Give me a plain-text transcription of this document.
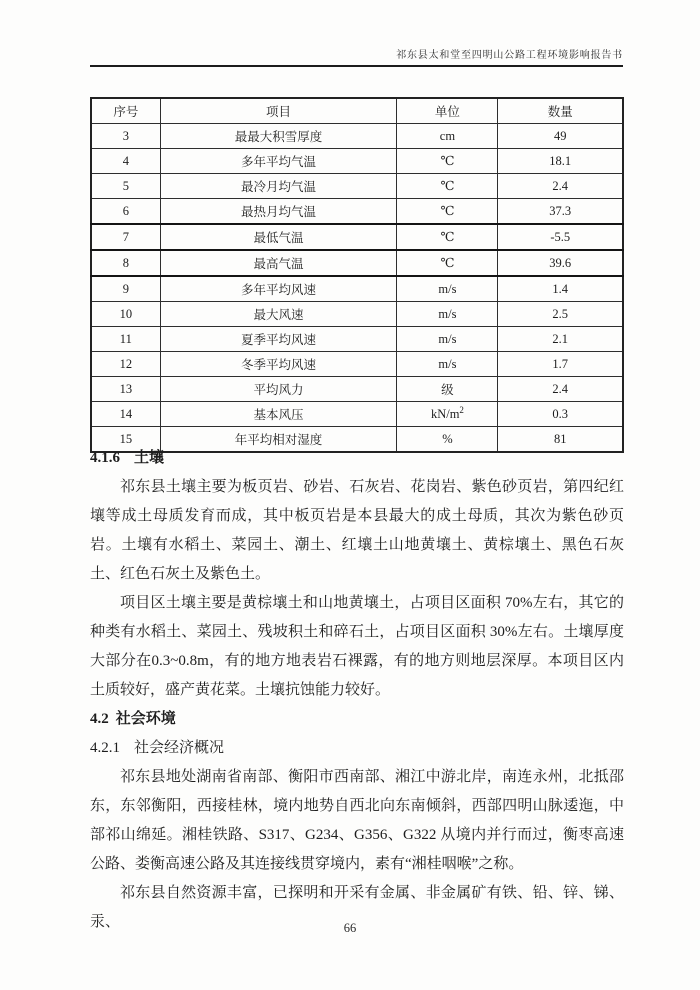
祁东县太和堂至四明山公路工程环境影响报告书
序号	项目	单位	数量
3	最最大积雪厚度	cm	49
4	多年平均气温	℃	18.1
5	最冷月均气温	℃	2.4
6	最热月均气温	℃	37.3
7	最低气温	℃	-5.5
8	最高气温	℃	39.6
9	多年平均风速	m/s	1.4
10	最大风速	m/s	2.5
11	夏季平均风速	m/s	2.1
12	冬季平均风速	m/s	1.7
13	平均风力	级	2.4
14	基本风压	$kN/m^2$	0.3
15	年平均相对湿度	%	81
4.1.6 土壤

祁东县土壤主要为板页岩、砂岩、石灰岩、花岗岩、紫色砂页岩，第四纪红壤等成土母质发育而成，其中板页岩是本县最大的成土母质，其次为紫色砂页岩。土壤有水稻土、菜园土、潮土、红壤土山地黄壤土、黄棕壤土、黑色石灰土、红色石灰土及紫色土。

项目区土壤主要是黄棕壤土和山地黄壤土，占项目区面积 70%左右，其它的种类有水稻土、菜园土、残坡积土和碎石土，占项目区面积 30%左右。土壤厚度大部分在0.3~0.8m，有的地方地表岩石裸露，有的地方则地层深厚。本项目区内土质较好，盛产黄花菜。土壤抗蚀能力较好。

4.2 社会环境
4.2.1 社会经济概况

祁东县地处湖南省南部、衡阳市西南部、湘江中游北岸，南连永州，北抵邵东，东邻衡阳，西接桂林，境内地势自西北向东南倾斜，西部四明山脉逶迤，中部祁山绵延。湘桂铁路、S317、G234、G356、G322 从境内并行而过，衡枣高速公路、娄衡高速公路及其连接线贯穿境内，素有“湘桂咽喉”之称。

祁东县自然资源丰富，已探明和开采有金属、非金属矿有铁、铅、锌、锑、汞、	66
